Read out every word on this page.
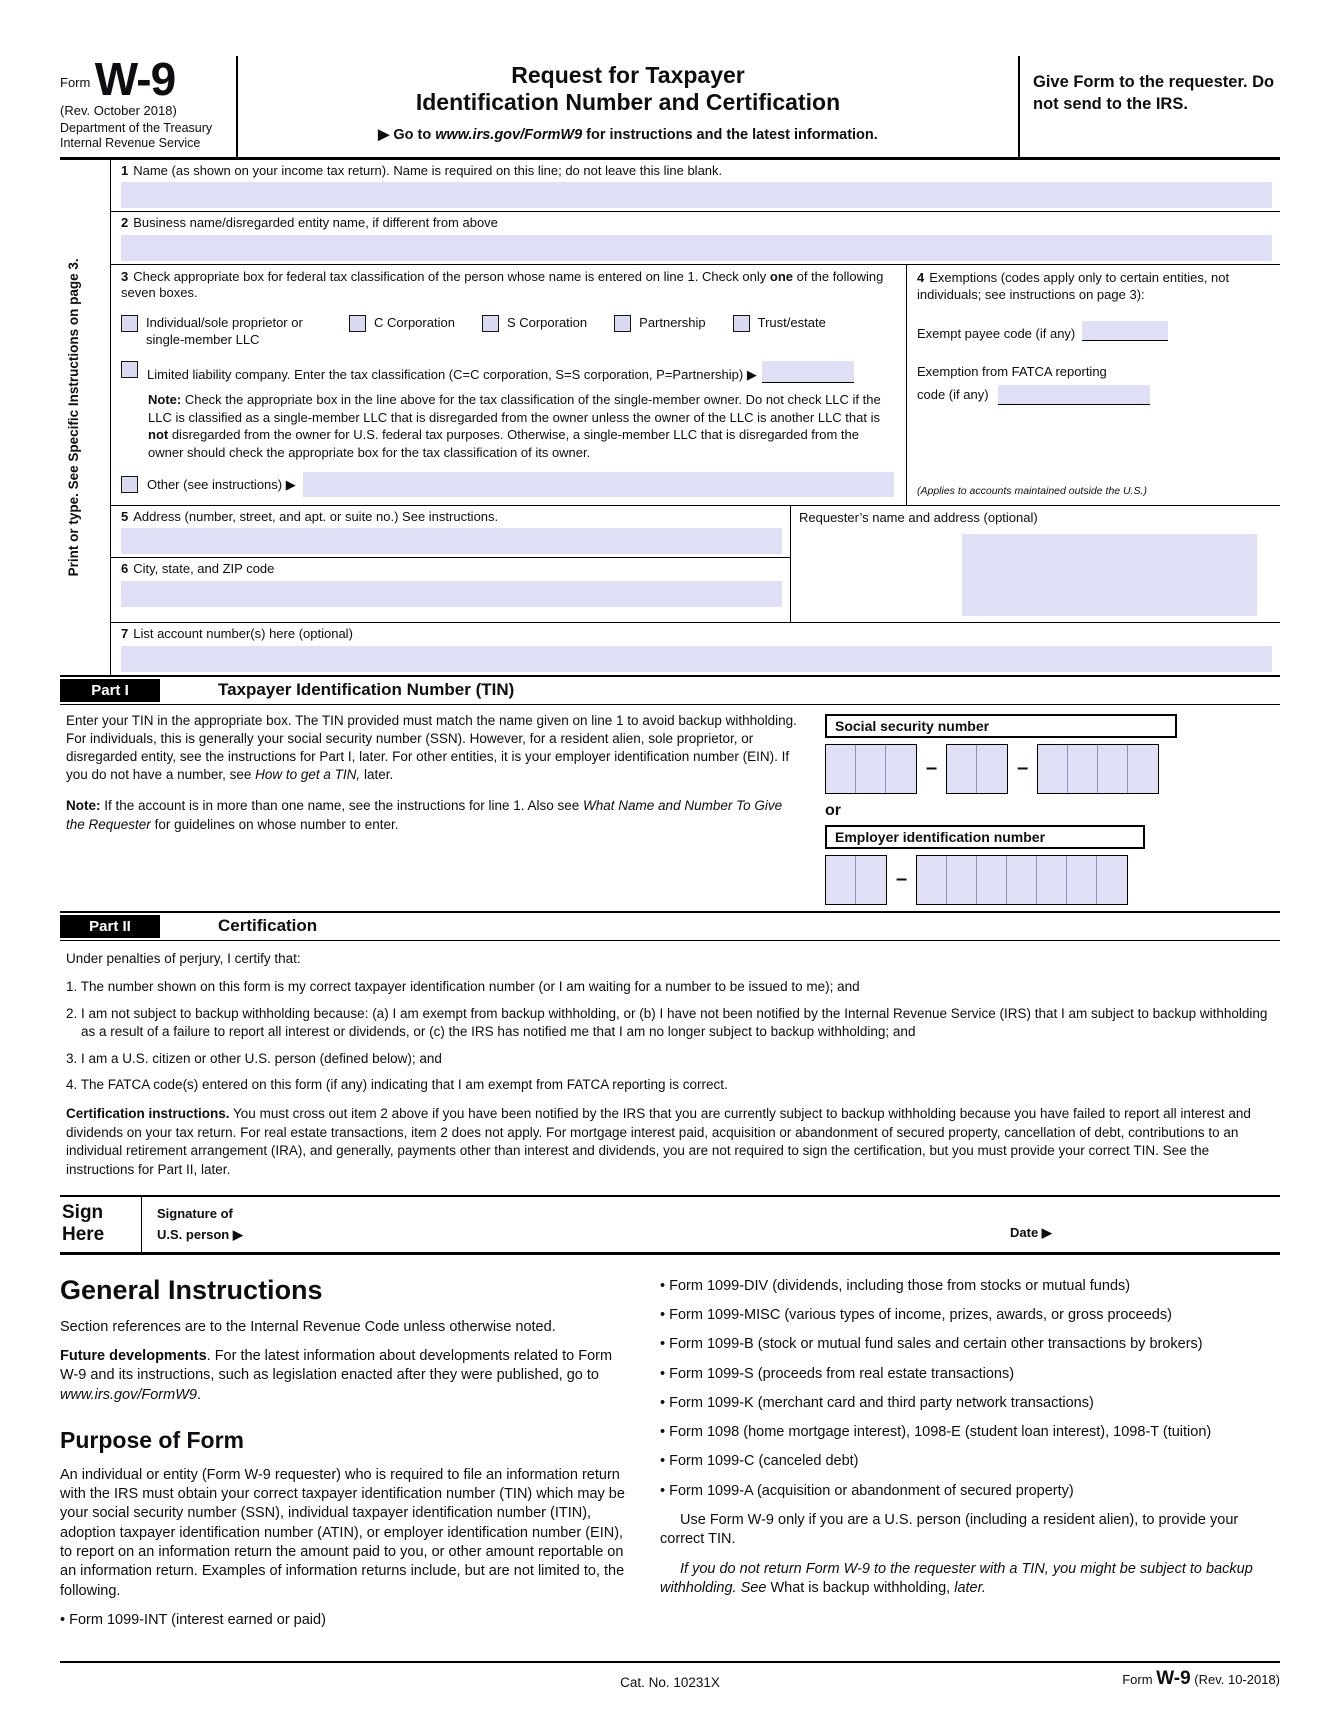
$^{Form}$ W-9
(Rev. October 2018)
Department of the Treasury
Internal Revenue Service
Request for Taxpayer
Identification Number and Certification
▶ Go to www.irs.gov/FormW9 for instructions and the latest information.
Give Form to the requester. Do not send to the IRS.
Print or type.
See Specific Instructions on page 3.
1 Name (as shown on your income tax return). Name is required on this line; do not leave this line blank.
2 Business name/disregarded entity name, if different from above
3 Check appropriate box for federal tax classification of the person whose name is entered on line 1. Check only one of the following seven boxes.
Individual/sole proprietor or single-member LLC
C Corporation	S Corporation	Partnership	Trust/estate
Limited liability company. Enter the tax classification (C=C corporation, S=S corporation, P=Partnership) ▶
Note: Check the appropriate box in the line above for the tax classification of the single-member owner. Do not check LLC if the LLC is classified as a single-member LLC that is disregarded from the owner unless the owner of the LLC is another LLC that is not disregarded from the owner for U.S. federal tax purposes. Otherwise, a single-member LLC that is disregarded from the owner should check the appropriate box for the tax classification of its owner.
Other (see instructions) ▶
4 Exemptions (codes apply only to certain entities, not individuals; see instructions on page 3):
Exempt payee code (if any)
Exemption from FATCA reporting
code (if any)
(Applies to accounts maintained outside the U.S.)
5 Address (number, street, and apt. or suite no.) See instructions.
6 City, state, and ZIP code
Requester’s name and address (optional)
7 List account number(s) here (optional)
Part I	Taxpayer Identification Number (TIN)

Enter your TIN in the appropriate box. The TIN provided must match the name given on line 1 to avoid backup withholding. For individuals, this is generally your social security number (SSN). However, for a resident alien, sole proprietor, or disregarded entity, see the instructions for Part I, later. For other entities, it is your employer identification number (EIN). If you do not have a number, see How to get a TIN, later.

Note: If the account is in more than one name, see the instructions for line 1. Also see What Name and Number To Give the Requester for guidelines on whose number to enter.

Social security number
–	–
or
Employer identification number
–
Part II	Certification

Under penalties of perjury, I certify that:

1. The number shown on this form is my correct taxpayer identification number (or I am waiting for a number to be issued to me); and

2. I am not subject to backup withholding because: (a) I am exempt from backup withholding, or (b) I have not been notified by the Internal Revenue Service (IRS) that I am subject to backup withholding as a result of a failure to report all interest or dividends, or (c) the IRS has notified me that I am no longer subject to backup withholding; and

3. I am a U.S. citizen or other U.S. person (defined below); and

4. The FATCA code(s) entered on this form (if any) indicating that I am exempt from FATCA reporting is correct.

Certification instructions. You must cross out item 2 above if you have been notified by the IRS that you are currently subject to backup withholding because you have failed to report all interest and dividends on your tax return. For real estate transactions, item 2 does not apply. For mortgage interest paid, acquisition or abandonment of secured property, cancellation of debt, contributions to an individual retirement arrangement (IRA), and generally, payments other than interest and dividends, you are not required to sign the certification, but you must provide your correct TIN. See the instructions for Part II, later.

Sign
Here
Signature of
U.S. person ▶	Date ▶
General Instructions

Section references are to the Internal Revenue Code unless otherwise noted.

Future developments. For the latest information about developments related to Form W-9 and its instructions, such as legislation enacted after they were published, go to www.irs.gov/FormW9.

Purpose of Form

An individual or entity (Form W-9 requester) who is required to file an information return with the IRS must obtain your correct taxpayer identification number (TIN) which may be your social security number (SSN), individual taxpayer identification number (ITIN), adoption taxpayer identification number (ATIN), or employer identification number (EIN), to report on an information return the amount paid to you, or other amount reportable on an information return. Examples of information returns include, but are not limited to, the following.

• Form 1099-INT (interest earned or paid)

• Form 1099-DIV (dividends, including those from stocks or mutual funds)

• Form 1099-MISC (various types of income, prizes, awards, or gross proceeds)

• Form 1099-B (stock or mutual fund sales and certain other transactions by brokers)

• Form 1099-S (proceeds from real estate transactions)

• Form 1099-K (merchant card and third party network transactions)

• Form 1098 (home mortgage interest), 1098-E (student loan interest), 1098-T (tuition)

• Form 1099-C (canceled debt)

• Form 1099-A (acquisition or abandonment of secured property)

Use Form W-9 only if you are a U.S. person (including a resident alien), to provide your correct TIN.

If you do not return Form W-9 to the requester with a TIN, you might be subject to backup withholding. See What is backup withholding, later.

Cat. No. 10231X	Form W-9 (Rev. 10-2018)
